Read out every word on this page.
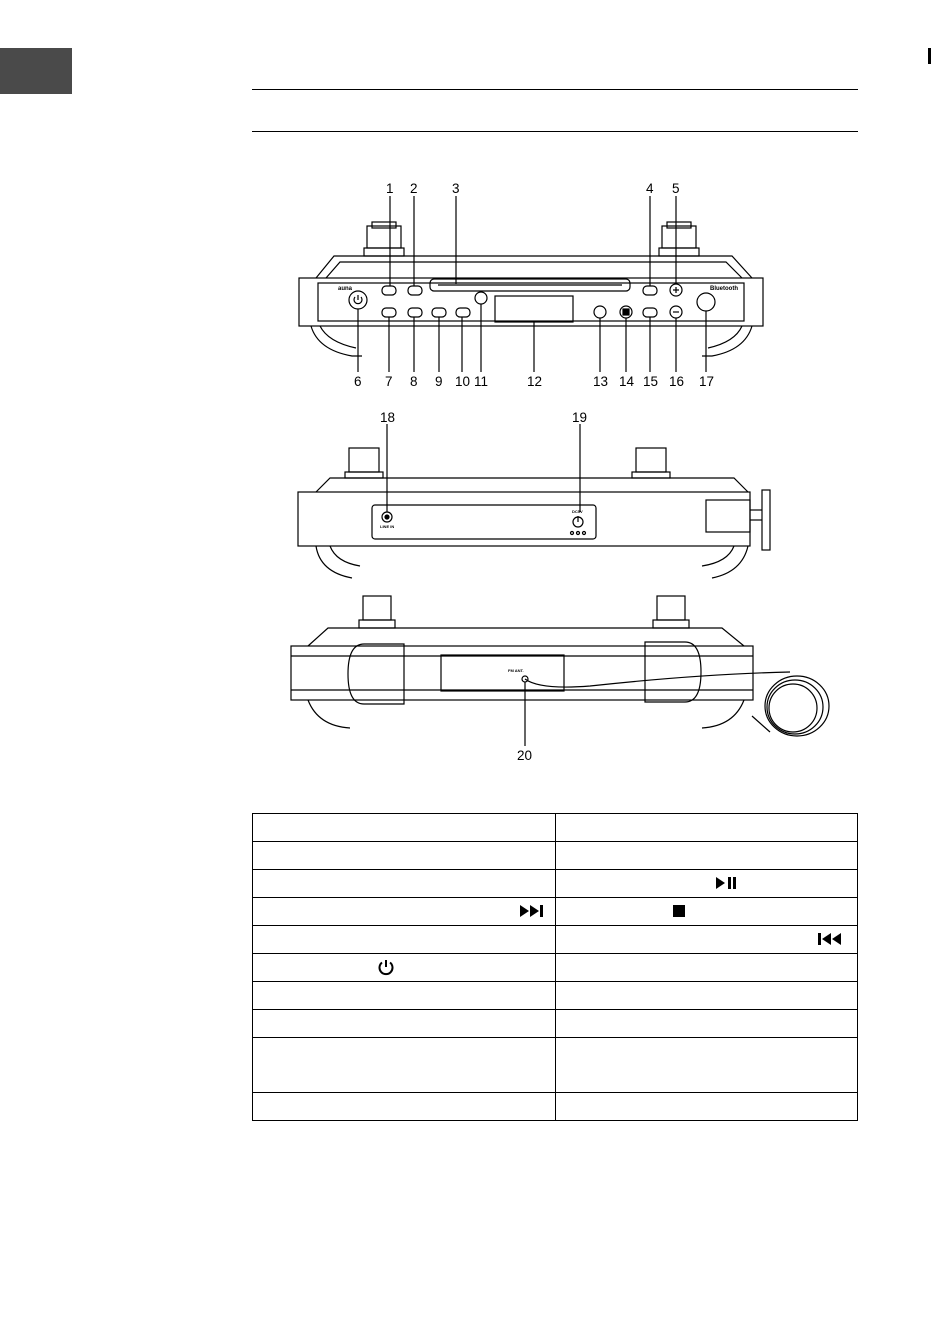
auna	Bluetooth
LINE IN
DC5V
FM ANT.
1 2	3	4 5
6 7 8 9 10 11	12	13 14 15 16 17
18	19
20
